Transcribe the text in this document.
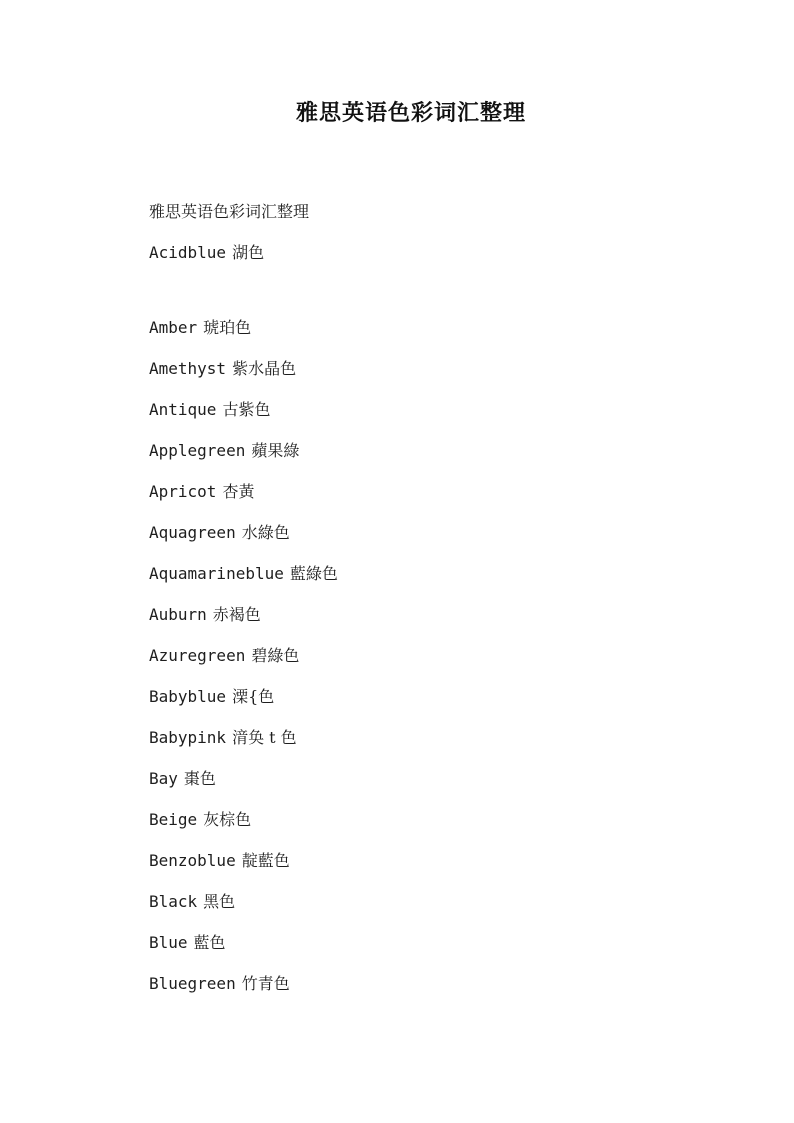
雅思英语色彩词汇整理
雅思英语色彩词汇整理
Acidblue 湖色
Amber 琥珀色
Amethyst 紫水晶色
Antique 古紫色
Applegreen 蘋果綠
Apricot 杏黃
Aquagreen 水綠色
Aquamarineblue 藍綠色
Auburn 赤褐色
Azuregreen 碧綠色
Babyblue 溧{色
Babypink 湇奂 t 色
Bay 棗色
Beige 灰棕色
Benzoblue 靛藍色
Black 黑色
Blue 藍色
Bluegreen 竹青色
